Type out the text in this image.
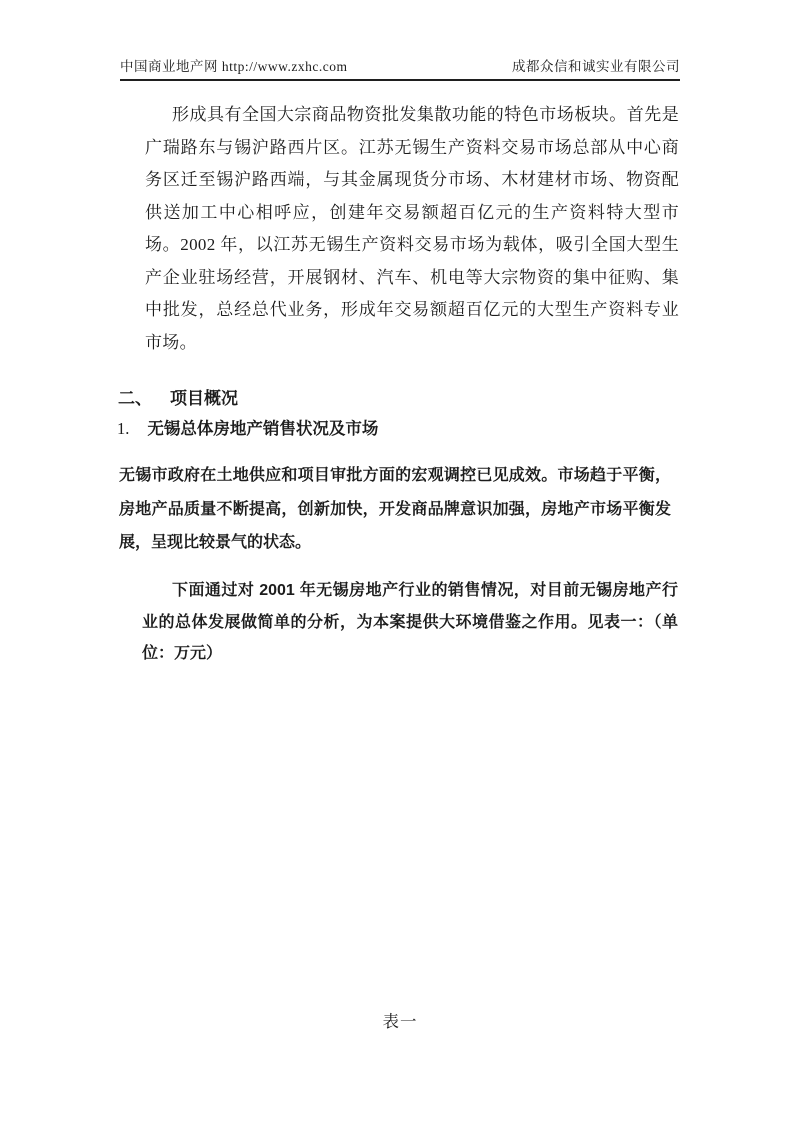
中国商业地产网 http://www.zxhc.com	成都众信和诚实业有限公司
形成具有全国大宗商品物资批发集散功能的特色市场板块。首先是广瑞路东与锡沪路西片区。江苏无锡生产资料交易市场总部从中心商务区迁至锡沪路西端，与其金属现货分市场、木材建材市场、物资配供送加工中心相呼应，创建年交易额超百亿元的生产资料特大型市场。2002 年，以江苏无锡生产资料交易市场为载体，吸引全国大型生产企业驻场经营，开展钢材、汽车、机电等大宗物资的集中征购、集中批发，总经总代业务，形成年交易额超百亿元的大型生产资料专业市场。
二、 项目概况
1. 无锡总体房地产销售状况及市场
无锡市政府在土地供应和项目审批方面的宏观调控已见成效。市场趋于平衡，房地产品质量不断提高，创新加快，开发商品牌意识加强，房地产市场平衡发展，呈现比较景气的状态。
下面通过对 2001 年无锡房地产行业的销售情况，对目前无锡房地产行业的总体发展做简单的分析，为本案提供大环境借鉴之作用。见表一：（单位：万元）
表一
